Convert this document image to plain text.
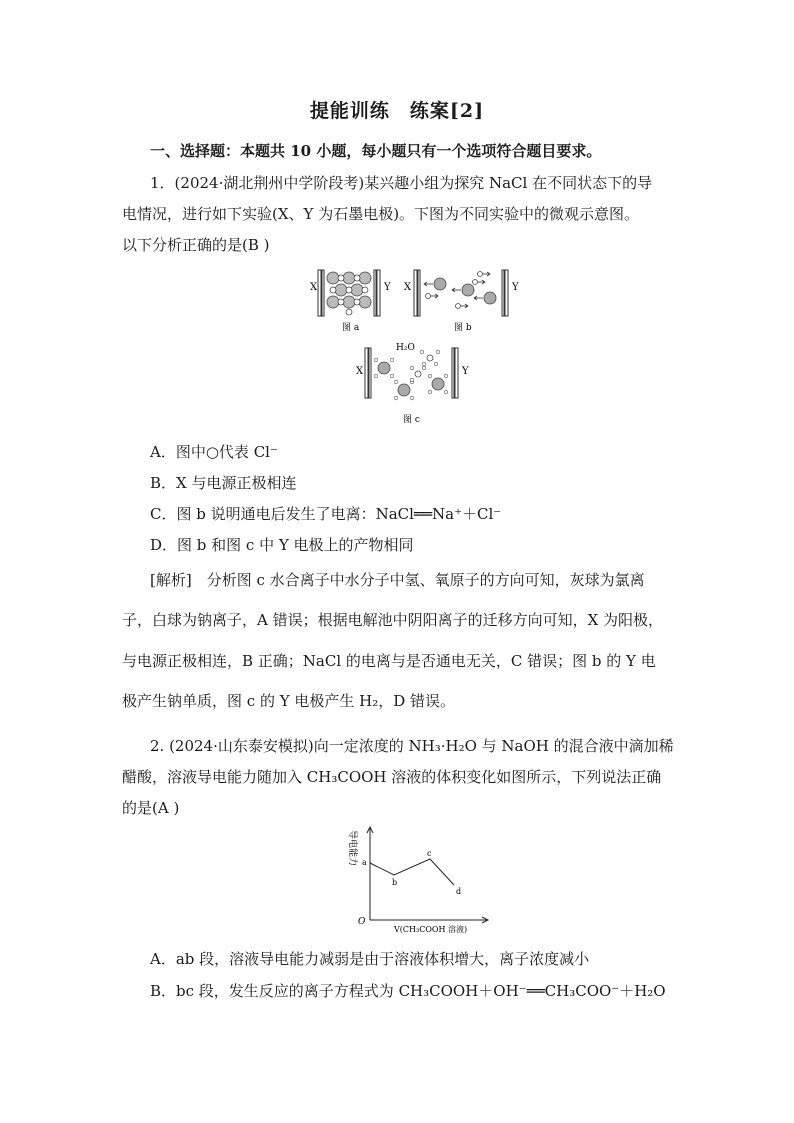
提能训练　练案[2]
一、选择题：本题共 10 小题，每小题只有一个选项符合题目要求。
1．(2024·湖北荆州中学阶段考)某兴趣小组为探究 NaCl 在不同状态下的导
电情况，进行如下实验(X、Y 为石墨电极)。下图为不同实验中的微观示意图。
以下分析正确的是(B )
X	Y
图 a
X	Y
图 b
X	Y
H₂O
图 c
A．图中○代表 Cl⁻
B．X 与电源正极相连
C．图 b 说明通电后发生了电离：NaCl══Na⁺＋Cl⁻
D．图 b 和图 c 中 Y 电极上的产物相同
[解析]　分析图 c 水合离子中水分子中氢、氧原子的方向可知，灰球为氯离
子，白球为钠离子，A 错误；根据电解池中阴阳离子的迁移方向可知，X 为阳极，
与电源正极相连，B 正确；NaCl 的电离与是否通电无关，C 错误；图 b 的 Y 电
极产生钠单质，图 c 的 Y 电极产生 H₂，D 错误。
2. (2024·山东泰安模拟)向一定浓度的 NH₃·H₂O 与 NaOH 的混合液中滴加稀
醋酸，溶液导电能力随加入 CH₃COOH 溶液的体积变化如图所示，下列说法正确
的是(A )
O
导电能力
V(CH₃COOH 溶液)
a
b
c
d
A．ab 段，溶液导电能力减弱是由于溶液体积增大，离子浓度减小
B．bc 段，发生反应的离子方程式为 CH₃COOH＋OH⁻══CH₃COO⁻＋H₂O
